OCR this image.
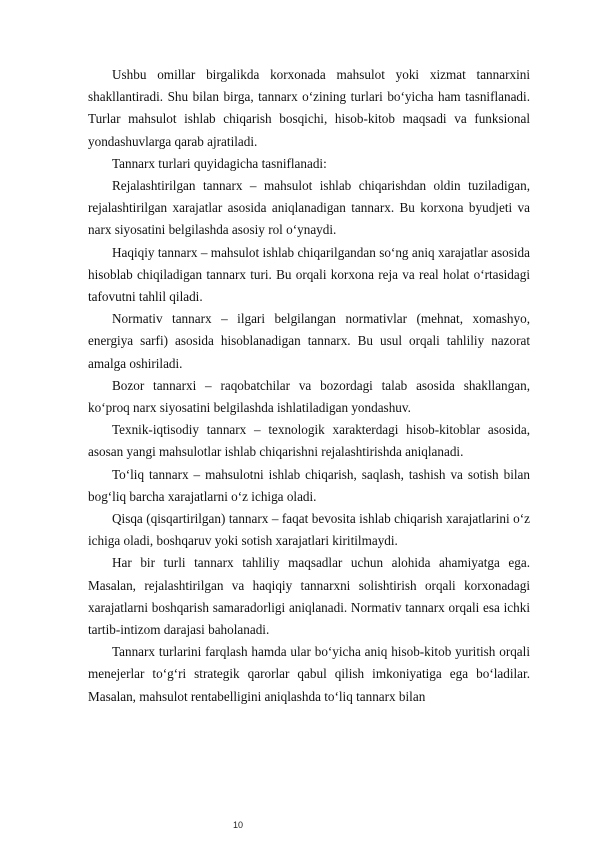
Ushbu omillar birgalikda korxonada mahsulot yoki xizmat tannarxini shakllantiradi. Shu bilan birga, tannarx o‘zining turlari bo‘yicha ham tasniflanadi. Turlar mahsulot ishlab chiqarish bosqichi, hisob-kitob maqsadi va funksional yondashuvlarga qarab ajratiladi.

Tannarx turlari quyidagicha tasniflanadi:

Rejalashtirilgan tannarx – mahsulot ishlab chiqarishdan oldin tuziladigan, rejalashtirilgan xarajatlar asosida aniqlanadigan tannarx. Bu korxona byudjeti va narx siyosatini belgilashda asosiy rol o‘ynaydi.

Haqiqiy tannarx – mahsulot ishlab chiqarilgandan so‘ng aniq xarajatlar asosida hisoblab chiqiladigan tannarx turi. Bu orqali korxona reja va real holat o‘rtasidagi tafovutni tahlil qiladi.

Normativ tannarx – ilgari belgilangan normativlar (mehnat, xomashyo, energiya sarfi) asosida hisoblanadigan tannarx. Bu usul orqali tahliliy nazorat amalga oshiriladi.

Bozor tannarxi – raqobatchilar va bozordagi talab asosida shakllangan, ko‘proq narx siyosatini belgilashda ishlatiladigan yondashuv.

Texnik-iqtisodiy tannarx – texnologik xarakterdagi hisob-kitoblar asosida, asosan yangi mahsulotlar ishlab chiqarishni rejalashtirishda aniqlanadi.

To‘liq tannarx – mahsulotni ishlab chiqarish, saqlash, tashish va sotish bilan bog‘liq barcha xarajatlarni o‘z ichiga oladi.

Qisqa (qisqartirilgan) tannarx – faqat bevosita ishlab chiqarish xarajatlarini o‘z ichiga oladi, boshqaruv yoki sotish xarajatlari kiritilmaydi.

Har bir turli tannarx tahliliy maqsadlar uchun alohida ahamiyatga ega. Masalan, rejalashtirilgan va haqiqiy tannarxni solishtirish orqali korxonadagi xarajatlarni boshqarish samaradorligi aniqlanadi. Normativ tannarx orqali esa ichki tartib-intizom darajasi baholanadi.

Tannarx turlarini farqlash hamda ular bo‘yicha aniq hisob-kitob yuritish orqali menejerlar to‘g‘ri strategik qarorlar qabul qilish imkoniyatiga ega bo‘ladilar. Masalan, mahsulot rentabelligini aniqlashda to‘liq tannarx bilan

10
